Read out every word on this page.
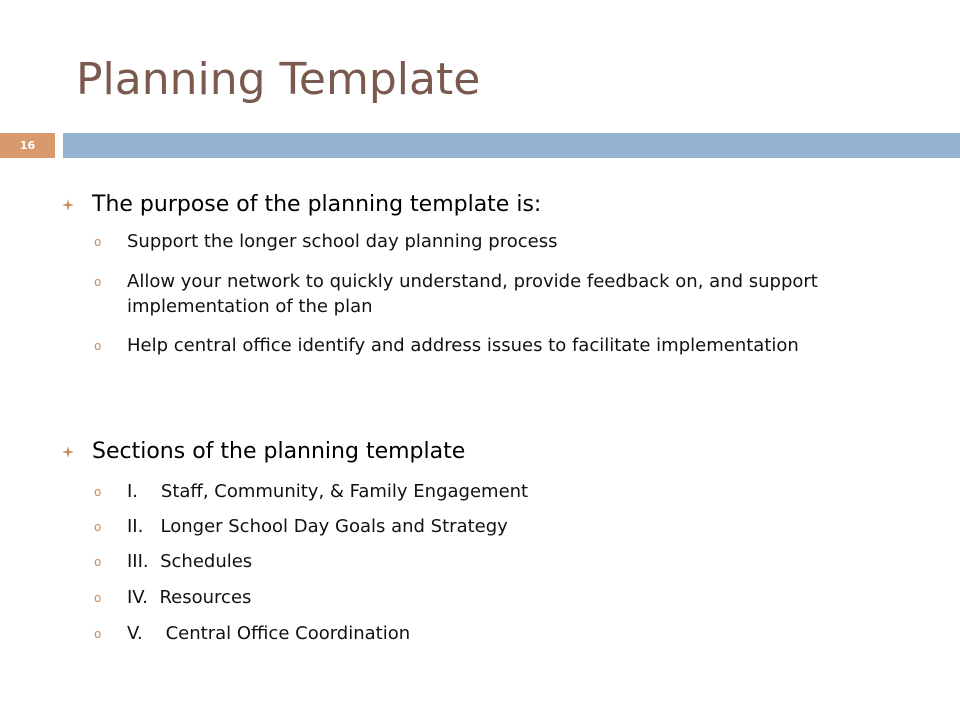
Planning Template
16
The purpose of the planning template is:
o	Support the longer school day planning process
o	Allow your network to quickly understand, provide feedback on, and support implementation of the plan
o	Help central office identify and address issues to facilitate implementation
Sections of the planning template
o	I.    Staff, Community, & Family Engagement
o	II.   Longer School Day Goals and Strategy
o	III.  Schedules
o	IV.  Resources
o	V.    Central Office Coordination
